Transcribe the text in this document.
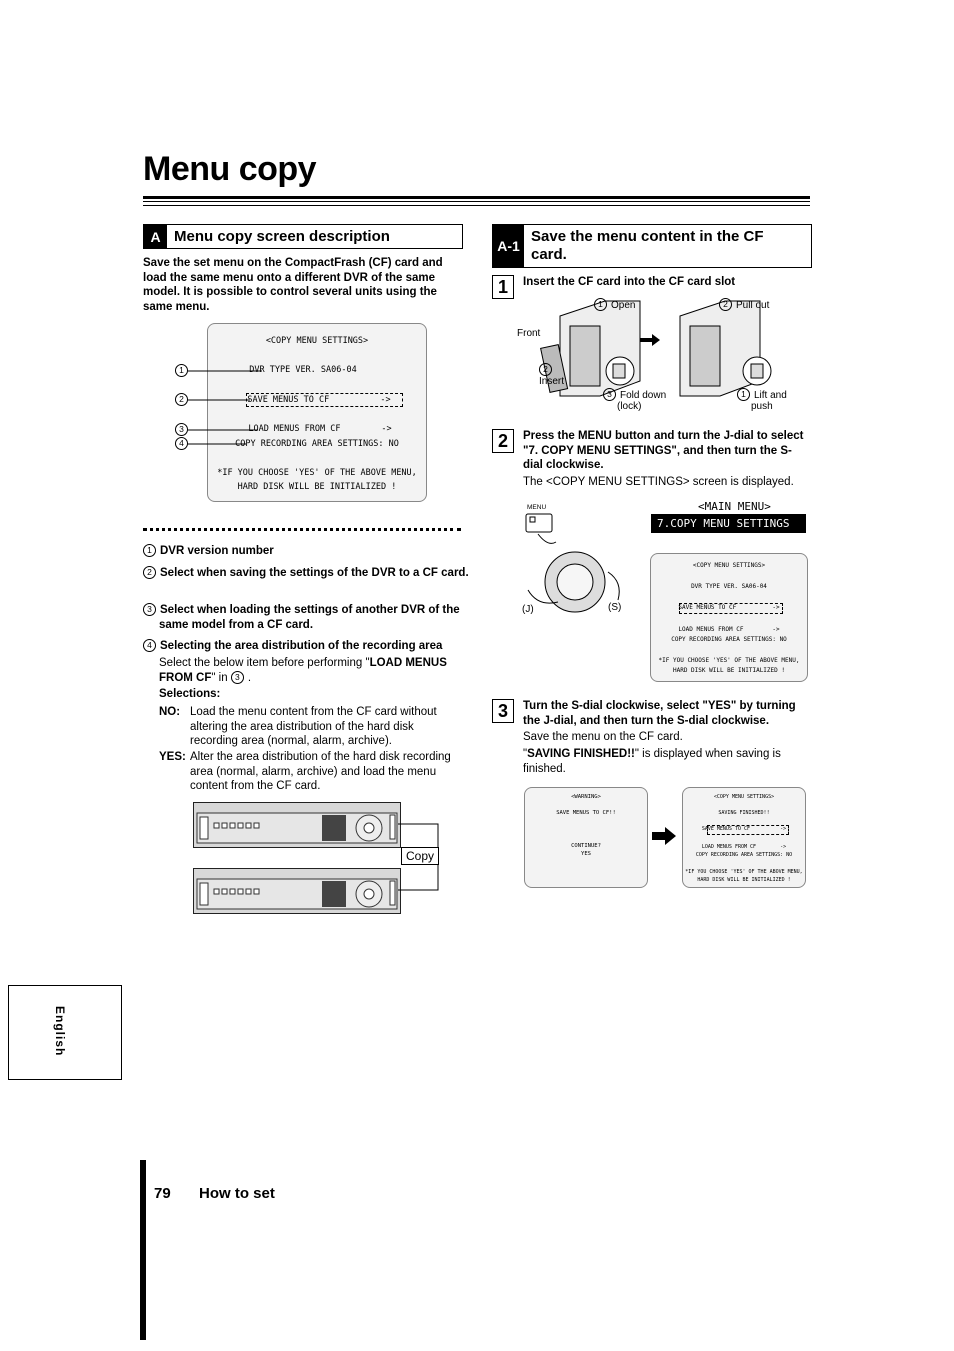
Menu copy
A Menu copy screen description
Save the set menu on the CompactFrash (CF) card and load the same menu onto a different DVR of the same model. It is possible to control several units using the same menu.
<COPY MENU SETTINGS>
DVR TYPE VER. SA06-04
SAVE MENUS TO CF          ->
LOAD MENUS FROM CF        ->
COPY RECORDING AREA SETTINGS: NO
*IF YOU CHOOSE 'YES' OF THE ABOVE MENU,
HARD DISK WILL BE INITIALIZED !
1
2
3
4
1 DVR version number
2 Select when saving the settings of the DVR to a CF card.
3 Select when loading the settings of another DVR of the same model from a CF card.
4 Selecting the area distribution of the recording area
Select the below item before performing "LOAD MENUS FROM CF" in 3 .
Selections:
NO: Load the menu content from the CF card without altering the area distribution of the hard disk recording area (normal, alarm, archive).
YES: Alter the area distribution of the hard disk recording area (normal, alarm, archive) and load the menu content from the CF card.
Copy
A-1
Save the menu content in the CF card.
1	Insert the CF card into the CF card slot
1 Open	2 Pull out
Front
2
Insert
3 Fold down
(lock)
1 Lift and
push
2	Press the MENU button and turn the J-dial to select "7. COPY MENU SETTINGS", and then turn the S-dial clockwise.
The <COPY MENU SETTINGS> screen is displayed.
MENU
(J)	(S)
<MAIN MENU>
7.COPY MENU SETTINGS
<COPY MENU SETTINGS>
DVR TYPE VER. SA06-04
SAVE MENUS TO CF          ->
LOAD MENUS FROM CF        ->
COPY RECORDING AREA SETTINGS: NO
*IF YOU CHOOSE 'YES' OF THE ABOVE MENU,
HARD DISK WILL BE INITIALIZED !
3	Turn the S-dial clockwise, select "YES" by turning the J-dial, and then turn the S-dial clockwise.
Save the menu on the CF card.
"SAVING FINISHED!!" is displayed when saving is finished.
<WARNING>
SAVE MENUS TO CF!!
CONTINUE?
YES
<COPY MENU SETTINGS>
SAVING FINISHED!!
SAVE MENUS TO CF          ->
LOAD MENUS FROM CF        ->
COPY RECORDING AREA SETTINGS: NO
*IF YOU CHOOSE 'YES' OF THE ABOVE MENU,
HARD DISK WILL BE INITIALIZED !
English
79 How to set
